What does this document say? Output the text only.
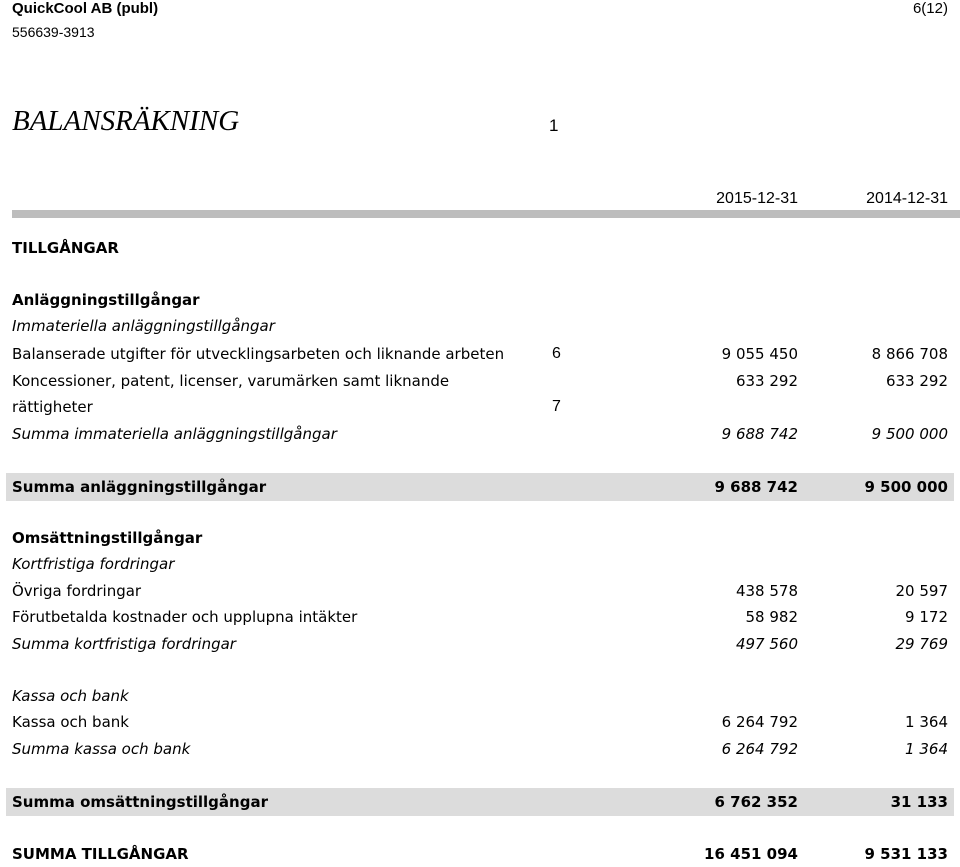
QuickCool AB (publ)
556639-3913
6(12)
BALANSRÄKNING	1
2015-12-31	2014-12-31
TILLGÅNGAR
Anläggningstillgångar
Immateriella anläggningstillgångar
Balanserade utgifter för utvecklingsarbeten och liknande arbeten	6	9 055 450	8 866 708
Koncessioner, patent, licenser, varumärken samt liknande	633 292	633 292
rättigheter	7
Summa immateriella anläggningstillgångar	9 688 742	9 500 000
Summa anläggningstillgångar	9 688 742	9 500 000
Omsättningstillgångar
Kortfristiga fordringar
Övriga fordringar	438 578	20 597
Förutbetalda kostnader och upplupna intäkter	58 982	9 172
Summa kortfristiga fordringar	497 560	29 769
Kassa och bank
Kassa och bank	6 264 792	1 364
Summa kassa och bank	6 264 792	1 364
Summa omsättningstillgångar	6 762 352	31 133
SUMMA TILLGÅNGAR	16 451 094	9 531 133
